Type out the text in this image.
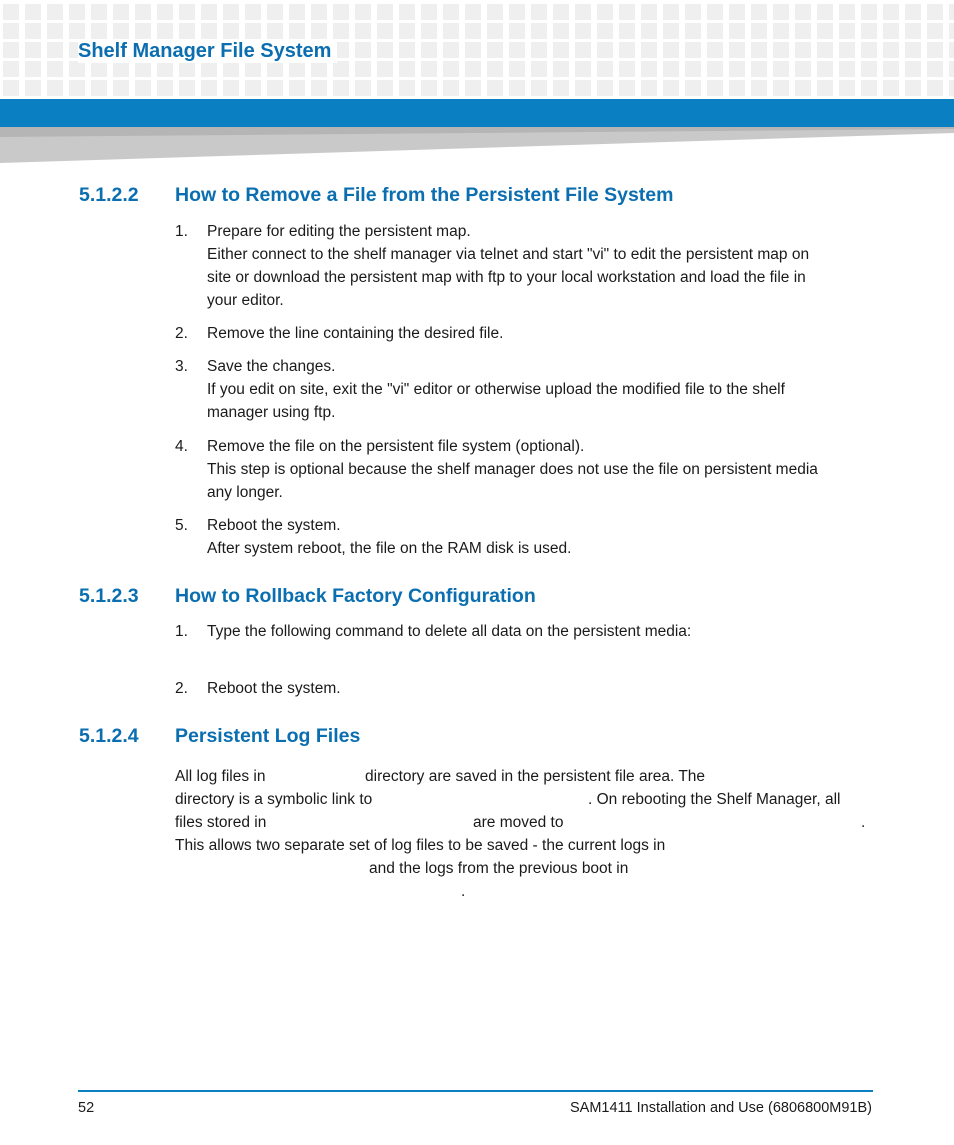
Shelf Manager File System
5.1.2.2 How to Remove a File from the Persistent File System
1. Prepare for editing the persistent map.
Either connect to the shelf manager via telnet and start "vi" to edit the persistent map on
site or download the persistent map with ftp to your local workstation and load the file in
your editor.
2. Remove the line containing the desired file.
3. Save the changes.
If you edit on site, exit the "vi" editor or otherwise upload the modified file to the shelf
manager using ftp.
4. Remove the file on the persistent file system (optional).
This step is optional because the shelf manager does not use the file on persistent media
any longer.
5. Reboot the system.
After system reboot, the file on the RAM disk is used.
5.1.2.3 How to Rollback Factory Configuration
1. Type the following command to delete all data on the persistent media:
2. Reboot the system.
5.1.2.4 Persistent Log Files
All log files in	directory are saved in the persistent file area. The
directory is a symbolic link to	. On rebooting the Shelf Manager, all
files stored in	are moved to	.
This allows two separate set of log files to be saved - the current logs in
and the logs from the previous boot in
.
52	SAM1411 Installation and Use (6806800M91B)
